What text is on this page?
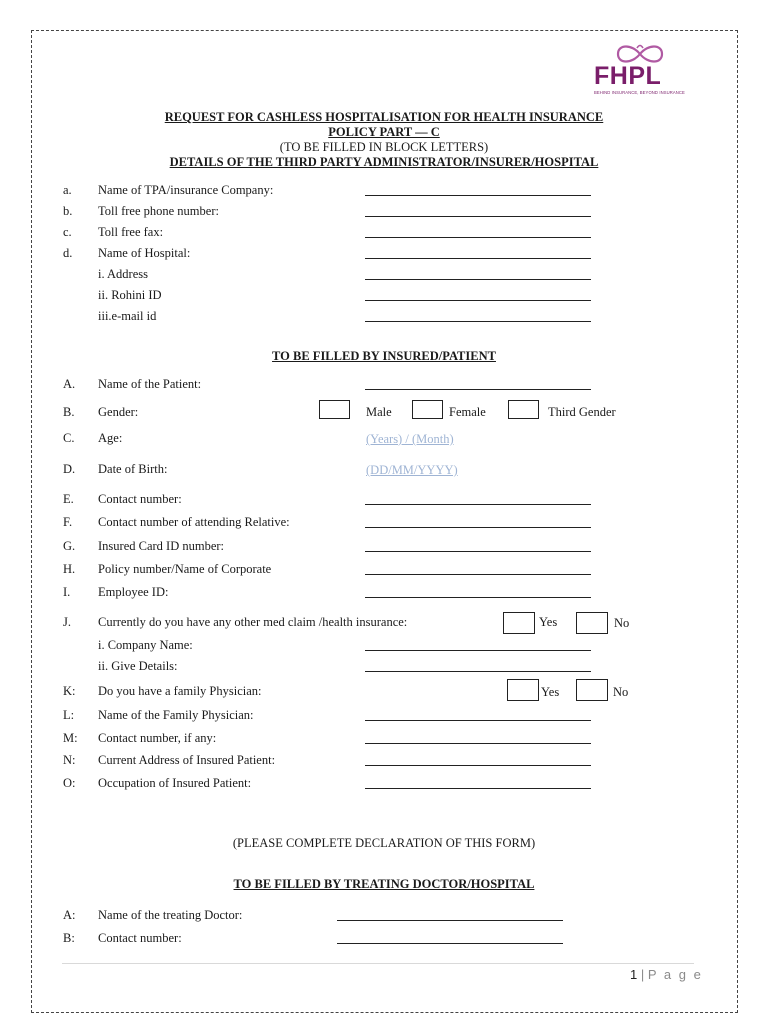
FHPL
BEHIND INSURANCE, BEYOND INSURANCE
REQUEST FOR CASHLESS HOSPITALISATION FOR HEALTH INSURANCE
POLICY PART — C
(TO BE FILLED IN BLOCK LETTERS)
DETAILS OF THE THIRD PARTY ADMINISTRATOR/INSURER/HOSPITAL
a. Name of TPA/insurance Company:
b. Toll free phone number:
c. Toll free fax:
d. Name of Hospital:
i. Address
ii. Rohini ID
iii.e-mail id
TO BE FILLED BY INSURED/PATIENT
A. Name of the Patient:
B. Gender:	Male	Female	Third Gender
C. Age:	(Years) / (Month)
D. Date of Birth:	(DD/MM/YYYY)
E. Contact number:
F. Contact number of attending Relative:
G. Insured Card ID number:
H. Policy number/Name of Corporate
I. Employee ID:
J. Currently do you have any other med claim /health insurance:	Yes	No
i. Company Name:
ii. Give Details:
K: Do you have a family Physician:	Yes	No
L: Name of the Family Physician:
M: Contact number, if any:
N: Current Address of Insured Patient:
O: Occupation of Insured Patient:
(PLEASE COMPLETE DECLARATION OF THIS FORM)
TO BE FILLED BY TREATING DOCTOR/HOSPITAL
A: Name of the treating Doctor:
B: Contact number:
1 | P a g e
